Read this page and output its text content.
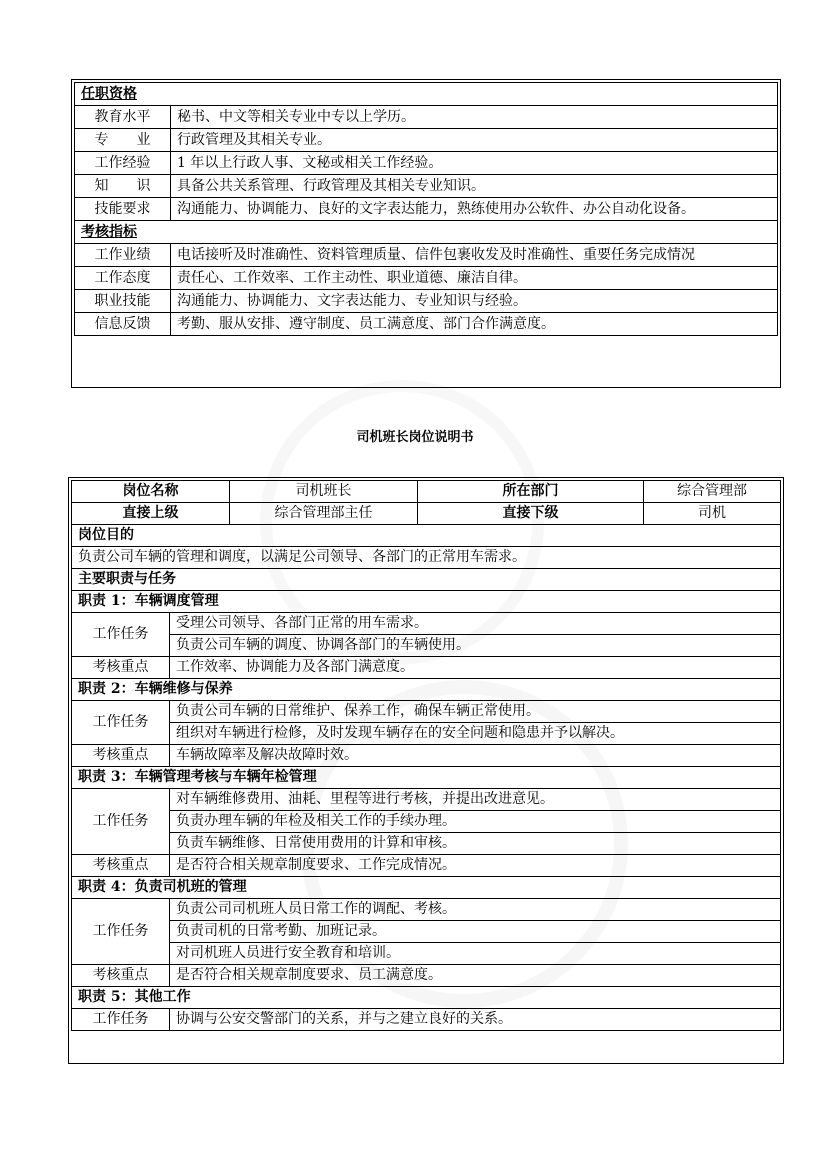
任职资格	
教育水平	秘书、中文等相关专业中专以上学历。
专　　业	行政管理及其相关专业。
工作经验	1 年以上行政人事、文秘或相关工作经验。
知　　识	具备公共关系管理、行政管理及其相关专业知识。
技能要求	沟通能力、协调能力、良好的文字表达能力，熟练使用办公软件、办公自动化设备。
考核指标	
工作业绩	电话接听及时准确性、资料管理质量、信件包裹收发及时准确性、重要任务完成情况
工作态度	责任心、工作效率、工作主动性、职业道德、廉洁自律。
职业技能	沟通能力、协调能力、文字表达能力、专业知识与经验。
信息反馈	考勤、服从安排、遵守制度、员工满意度、部门合作满意度。
司机班长岗位说明书
岗位名称		司机班长	所在部门	综合管理部
直接上级		综合管理部主任	直接下级	司机
岗位目的				
负责公司车辆的管理和调度，以满足公司领导、各部门的正常用车需求。				
主要职责与任务				
职责 1：车辆调度管理				
工作任务	受理公司领导、各部门正常的用车需求。			
	负责公司车辆的调度、协调各部门的车辆使用。			
考核重点	工作效率、协调能力及各部门满意度。			
职责 2：车辆维修与保养				
工作任务	负责公司车辆的日常维护、保养工作，确保车辆正常使用。			
	组织对车辆进行检修，及时发现车辆存在的安全问题和隐患并予以解决。			
考核重点	车辆故障率及解决故障时效。			
职责 3：车辆管理考核与车辆年检管理				
工作任务	对车辆维修费用、油耗、里程等进行考核，并提出改进意见。			
	负责办理车辆的年检及相关工作的手续办理。			
	负责车辆维修、日常使用费用的计算和审核。			
考核重点	是否符合相关规章制度要求、工作完成情况。			
职责 4：负责司机班的管理				
工作任务	负责公司司机班人员日常工作的调配、考核。			
	负责司机的日常考勤、加班记录。			
	对司机班人员进行安全教育和培训。			
考核重点	是否符合相关规章制度要求、员工满意度。			
职责 5：其他工作				
工作任务	协调与公安交警部门的关系，并与之建立良好的关系。			
